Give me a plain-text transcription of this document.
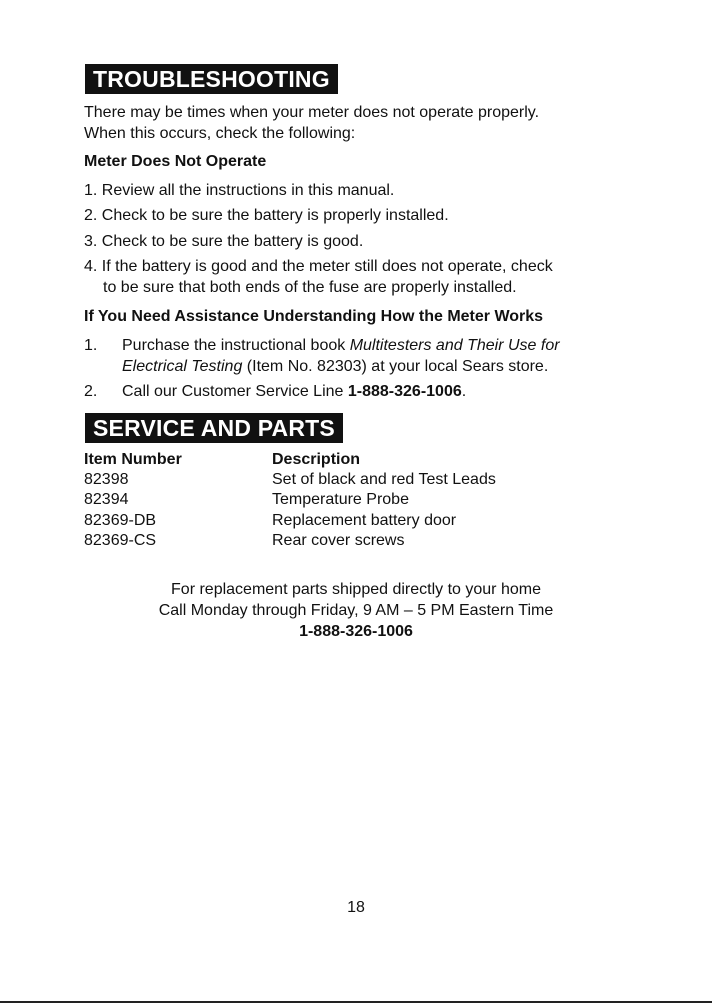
TROUBLESHOOTING
There may be times when your meter does not operate properly.
When this occurs, check the following:
Meter Does Not Operate
1. Review all the instructions in this manual.
2. Check to be sure the battery is properly installed.
3. Check to be sure the battery is good.
4. If the battery is good and the meter still does not operate, check
to be sure that both ends of the fuse are properly installed.
If You Need Assistance Understanding How the Meter Works
1. Purchase the instructional book Multitesters and Their Use for
Electrical Testing (Item No. 82303) at your local Sears store.
2. Call our Customer Service Line 1-888-326-1006.
SERVICE AND PARTS
Item Number	Description
82398	Set of black and red Test Leads
82394	Temperature Probe
82369-DB	Replacement battery door
82369-CS	Rear cover screws
For replacement parts shipped directly to your home
Call Monday through Friday, 9 AM – 5 PM Eastern Time
1-888-326-1006
18
